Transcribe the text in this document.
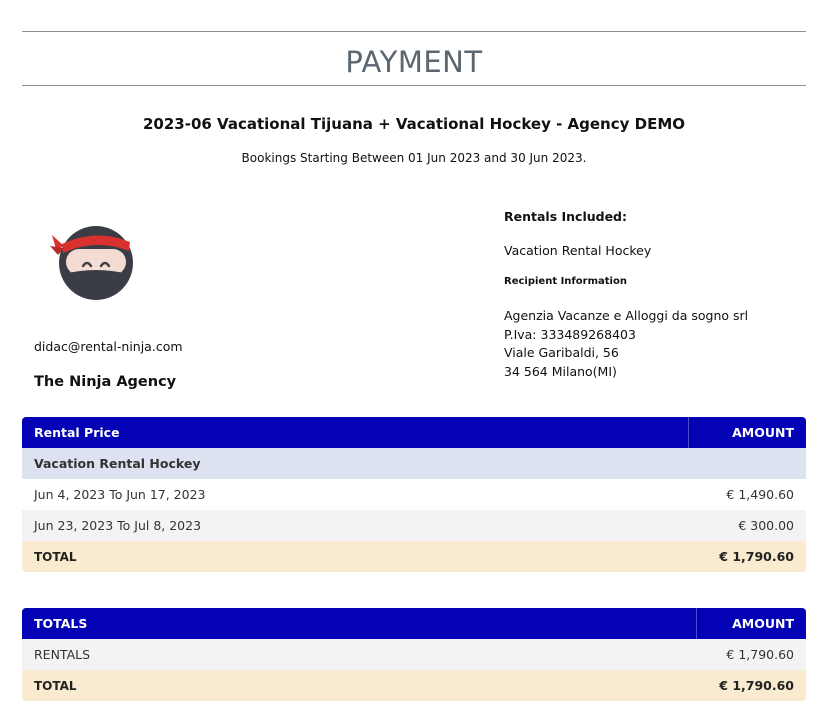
PAYMENT
2023-06 Vacational Tijuana + Vacational Hockey - Agency DEMO
Bookings Starting Between 01 Jun 2023 and 30 Jun 2023.
didac@rental-ninja.com
The Ninja Agency
Rentals Included:
Vacation Rental Hockey
Recipient Information
Agenzia Vacanze e Alloggi da sogno srl
P.Iva: 333489268403
Viale Garibaldi, 56
34 564 Milano(MI)
Rental Price	AMOUNT
Vacation Rental Hockey
Jun 4, 2023 To Jun 17, 2023	€ 1,490.60
Jun 23, 2023 To Jul 8, 2023	€ 300.00
TOTAL	€ 1,790.60
TOTALS	AMOUNT
RENTALS	€ 1,790.60
TOTAL	€ 1,790.60
